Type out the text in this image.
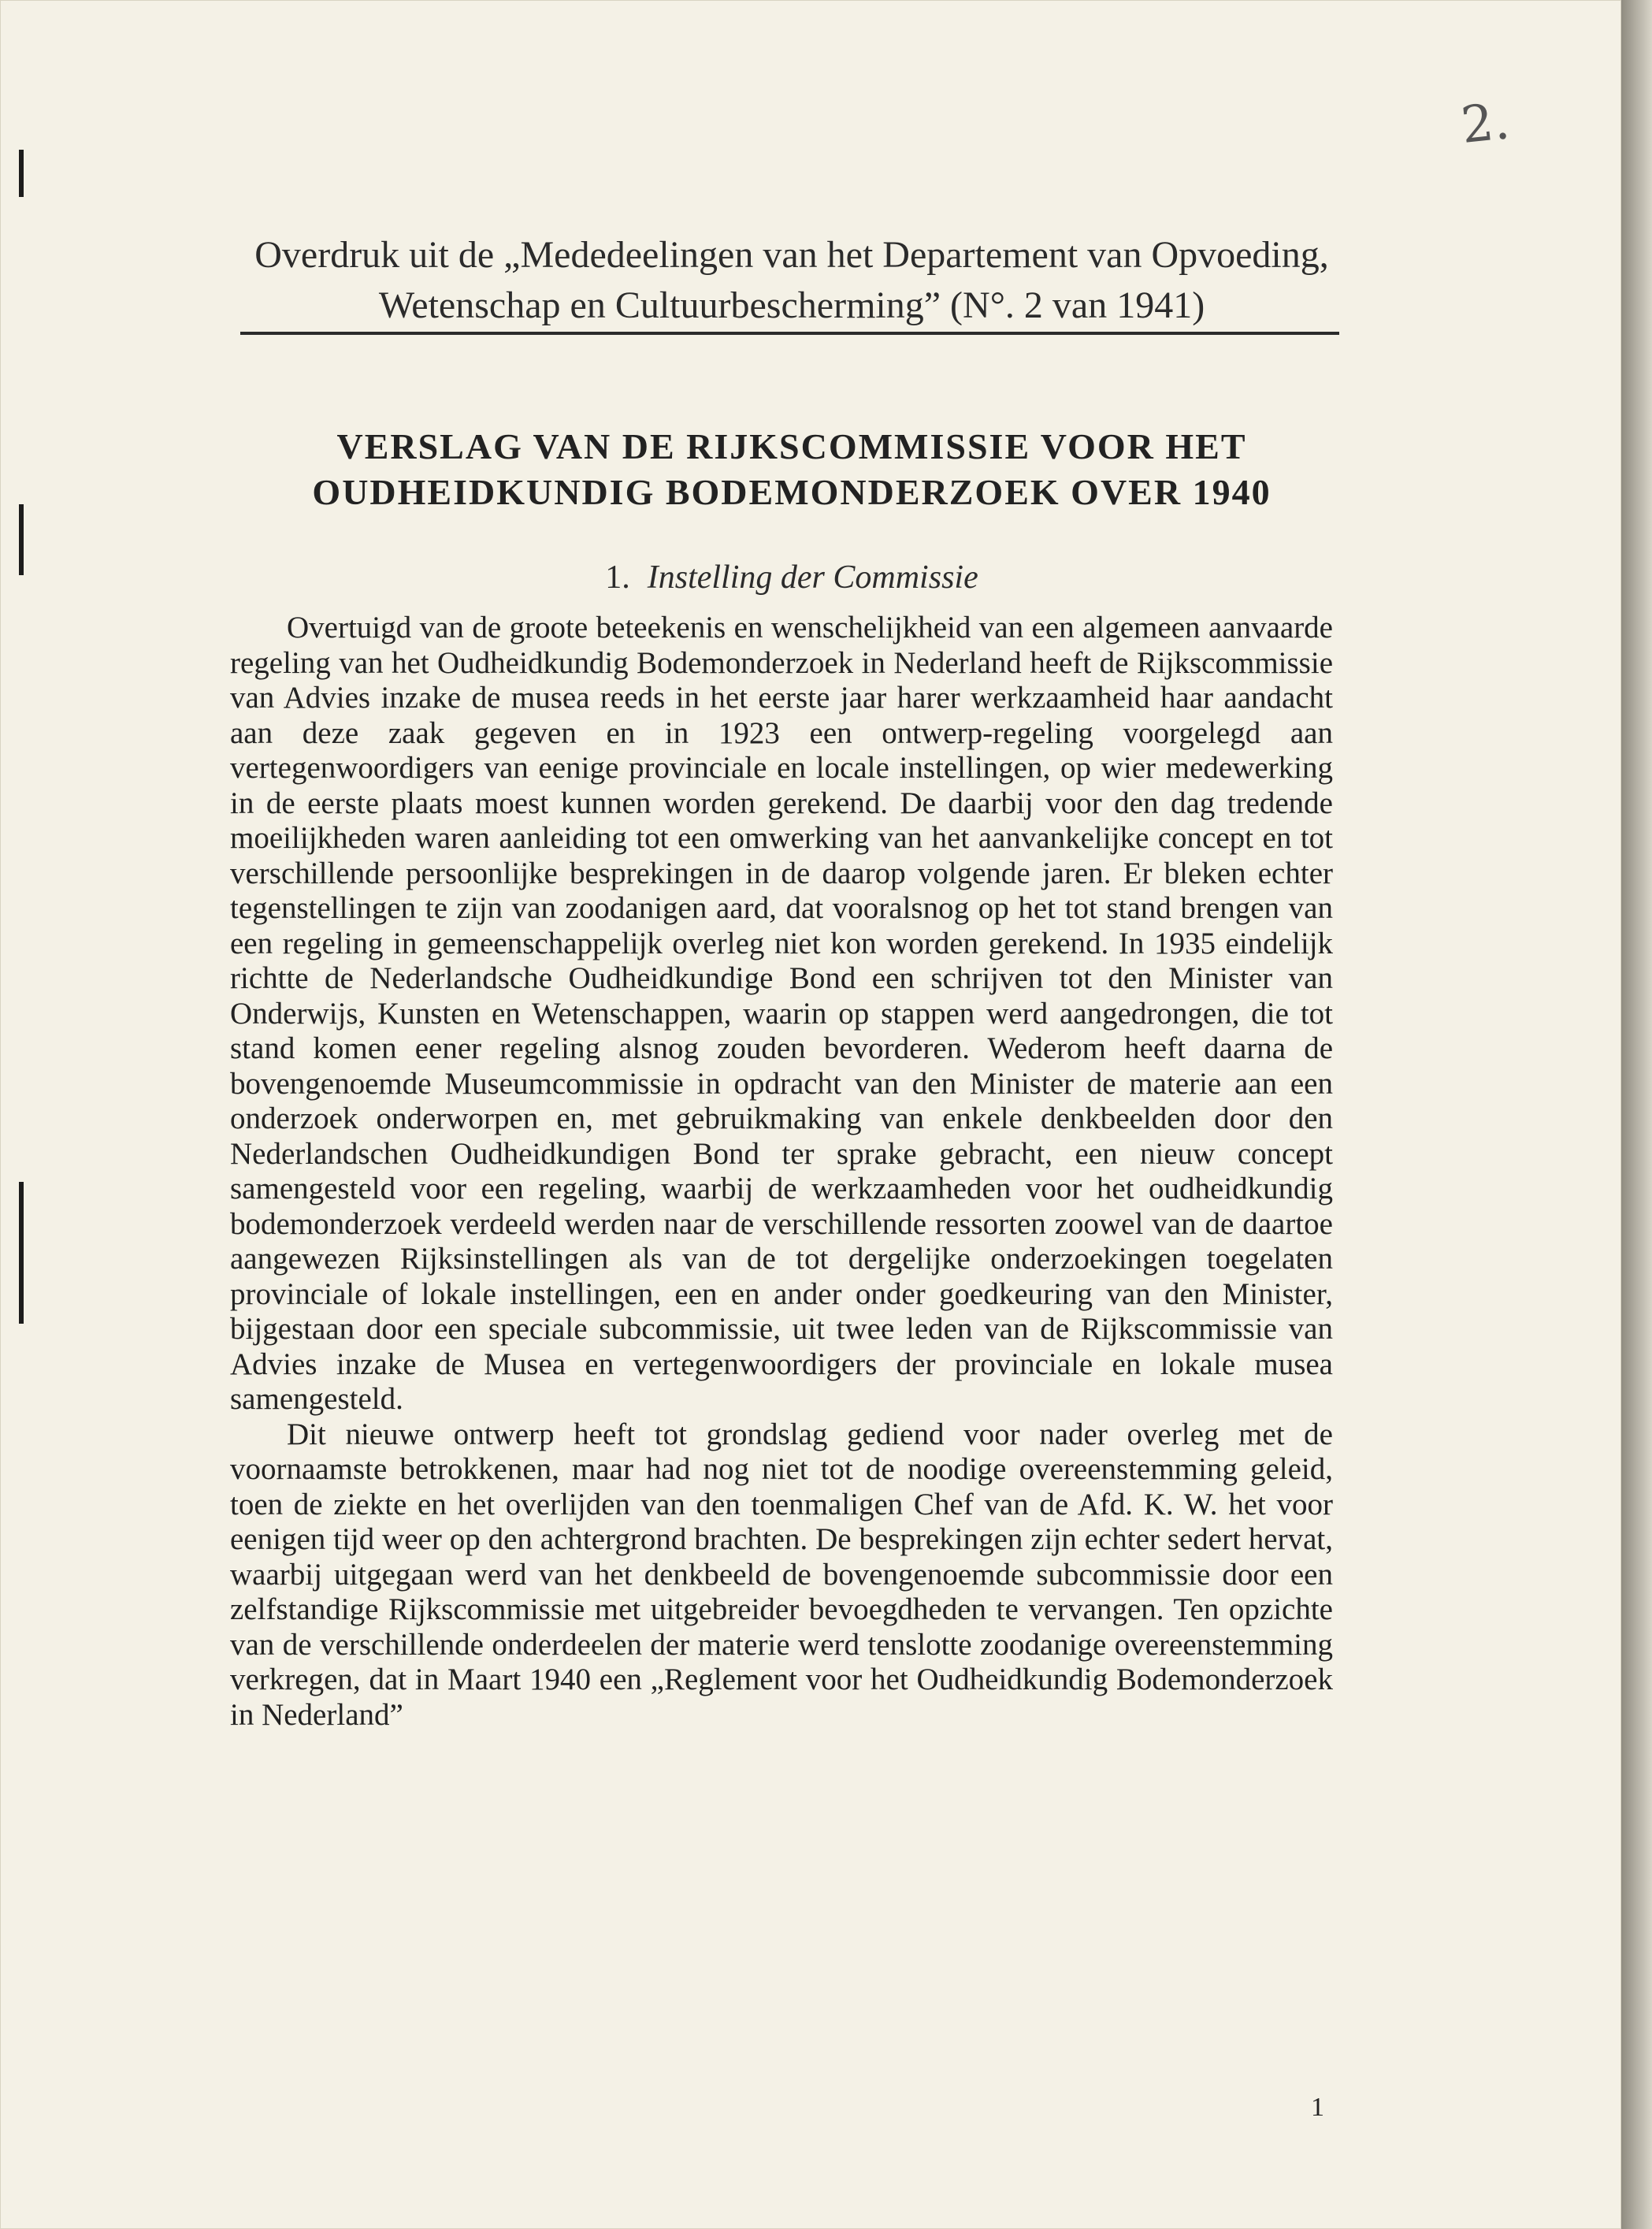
2.
Overdruk uit de „Mededeelingen van het Departement van Opvoeding,
Wetenschap en Cultuurbescherming” (N°. 2 van 1941)
VERSLAG VAN DE RIJKSCOMMISSIE VOOR HET
OUDHEIDKUNDIG BODEMONDERZOEK OVER 1940
1. Instelling der Commissie

Overtuigd van de groote beteekenis en wenschelijkheid van een algemeen aanvaarde regeling van het Oudheidkundig Bodemonderzoek in Nederland heeft de Rijkscommissie van Advies inzake de musea reeds in het eerste jaar harer werkzaamheid haar aandacht aan deze zaak gegeven en in 1923 een ontwerp-regeling voorgelegd aan vertegenwoordigers van eenige provinciale en locale instellingen, op wier medewerking in de eerste plaats moest kunnen worden gerekend. De daarbij voor den dag tredende moeilijkheden waren aanleiding tot een omwerking van het aanvankelijke concept en tot verschillende persoonlijke besprekingen in de daarop volgende jaren. Er bleken echter tegenstellingen te zijn van zoodanigen aard, dat vooralsnog op het tot stand brengen van een regeling in gemeenschappelijk overleg niet kon worden gerekend. In 1935 eindelijk richtte de Nederlandsche Oudheidkundige Bond een schrijven tot den Minister van Onderwijs, Kunsten en Wetenschappen, waarin op stappen werd aangedrongen, die tot stand komen eener regeling alsnog zouden bevorderen. Wederom heeft daarna de bovengenoemde Museumcommissie in opdracht van den Minister de materie aan een onderzoek onderworpen en, met gebruikmaking van enkele denkbeelden door den Nederlandschen Oudheidkundigen Bond ter sprake gebracht, een nieuw concept samengesteld voor een regeling, waarbij de werkzaamheden voor het oudheidkundig bodemonderzoek verdeeld werden naar de verschillende ressorten zoowel van de daartoe aangewezen Rijksinstellingen als van de tot dergelijke onderzoekingen toegelaten provinciale of lokale instellingen, een en ander onder goedkeuring van den Minister, bijgestaan door een speciale subcommissie, uit twee leden van de Rijkscommissie van Advies inzake de Musea en vertegenwoordigers der provinciale en lokale musea samengesteld.

Dit nieuwe ontwerp heeft tot grondslag gediend voor nader overleg met de voornaamste betrokkenen, maar had nog niet tot de noodige overeenstemming geleid, toen de ziekte en het overlijden van den toenmaligen Chef van de Afd. K. W. het voor eenigen tijd weer op den achtergrond brachten. De besprekingen zijn echter sedert hervat, waarbij uitgegaan werd van het denkbeeld de bovengenoemde subcommissie door een zelfstandige Rijkscommissie met uitgebreider bevoegdheden te vervangen. Ten opzichte van de verschillende onderdeelen der materie werd tenslotte zoodanige overeenstemming verkregen, dat in Maart 1940 een „Reglement voor het Oudheidkundig Bodemonderzoek in Nederland”

1
